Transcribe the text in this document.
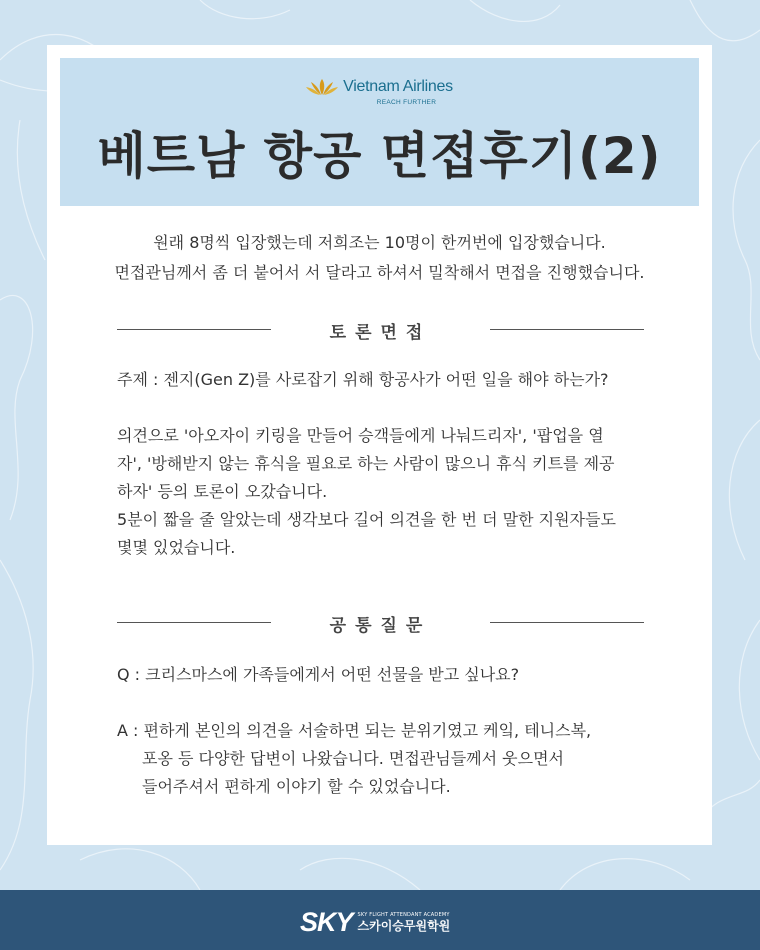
Vietnam Airlines
REACH FURTHER
베트남 항공 면접후기(2)
원래 8명씩 입장했는데 저희조는 10명이 한꺼번에 입장했습니다.
면접관님께서 좀 더 붙어서 서 달라고 하셔서 밀착해서 면접을 진행했습니다.
토론면접
주제 : 젠지(Gen Z)를 사로잡기 위해 항공사가 어떤 일을 해야 하는가?
의견으로 '아오자이 키링을 만들어 승객들에게 나눠드리자', '팝업을 열
자', '방해받지 않는 휴식을 필요로 하는 사람이 많으니 휴식 키트를 제공
하자' 등의 토론이 오갔습니다.
5분이 짧을 줄 알았는데 생각보다 길어 의견을 한 번 더 말한 지원자들도
몇몇 있었습니다.
공통질문
Q : 크리스마스에 가족들에게서 어떤 선물을 받고 싶나요?
A : 편하게 본인의 의견을 서술하면 되는 분위기였고 케잌, 테니스복,
포옹 등 다양한 답변이 나왔습니다. 면접관님들께서 웃으면서
들어주셔서 편하게 이야기 할 수 있었습니다.
SKY SKY FLIGHT ATTENDANT ACADEMY
스카이승무원학원
